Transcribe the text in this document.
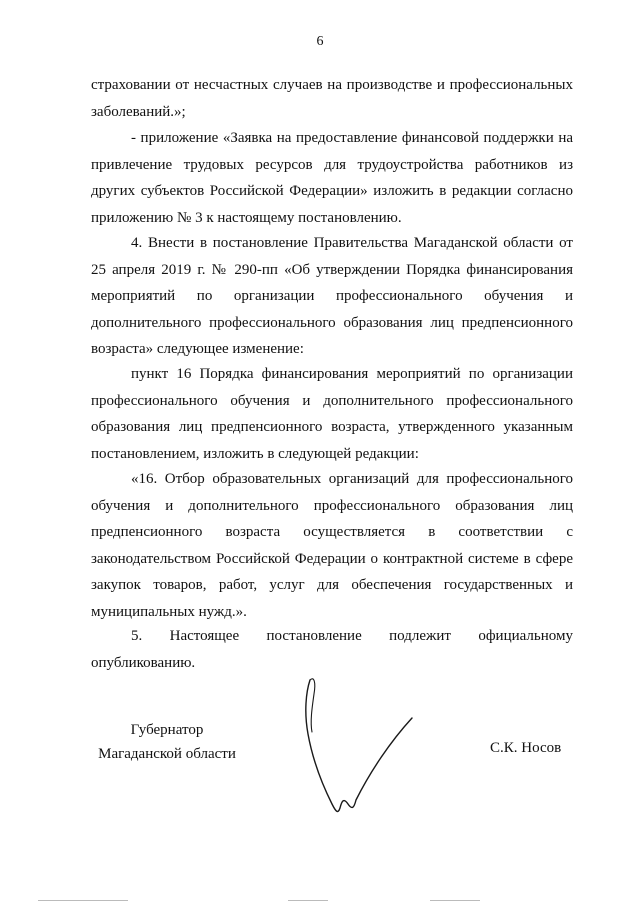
6
страховании от несчастных случаев на производстве и профессиональных
заболеваний.»;
- приложение «Заявка на предоставление финансовой поддержки на
привлечение трудовых ресурсов для трудоустройства работников из
других субъектов Российской Федерации» изложить в редакции согласно
приложению № 3 к настоящему постановлению.
4. Внести в постановление Правительства Магаданской области от
25 апреля 2019 г. № 290-пп «Об утверждении Порядка финансирования
мероприятий по организации профессионального обучения и
дополнительного профессионального образования лиц предпенсионного
возраста» следующее изменение:
пункт 16 Порядка финансирования мероприятий по организации
профессионального обучения и дополнительного профессионального
образования лиц предпенсионного возраста, утвержденного указанным
постановлением, изложить в следующей редакции:
«16. Отбор образовательных организаций для профессионального
обучения и дополнительного профессионального образования лиц
предпенсионного возраста осуществляется в соответствии с
законодательством Российской Федерации о контрактной системе в сфере
закупок товаров, работ, услуг для обеспечения государственных и
муниципальных нужд.».
5. Настоящее постановление подлежит официальному
опубликованию.
Губернатор
Магаданской области	С.К. Носов
